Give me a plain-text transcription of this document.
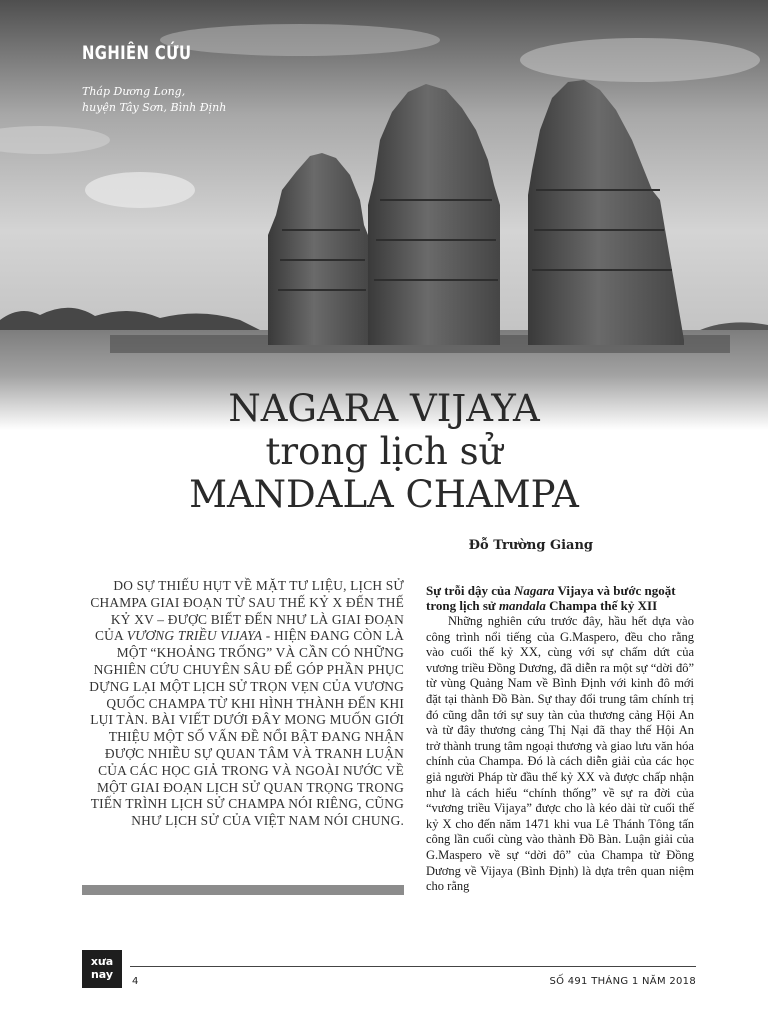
NGHIÊN CỨU
Tháp Dương Long,
huyện Tây Sơn, Bình Định
NAGARA VIJAYA
trong lịch sử
MANDALA CHAMPA
Đỗ Trường Giang
DO SỰ THIẾU HỤT VỀ MẶT TƯ LIỆU, LỊCH SỬ CHAMPA GIAI ĐOẠN TỪ SAU THẾ KỶ X ĐẾN THẾ KỶ XV – ĐƯỢC BIẾT ĐẾN NHƯ LÀ GIAI ĐOẠN CỦA VƯƠNG TRIỀU VIJAYA - HIỆN ĐANG CÒN LÀ MỘT “KHOẢNG TRỐNG” VÀ CẦN CÓ NHỮNG NGHIÊN CỨU CHUYÊN SÂU ĐỂ GÓP PHẦN PHỤC DỰNG LẠI MỘT LỊCH SỬ TRỌN VẸN CỦA VƯƠNG QUỐC CHAMPA TỪ KHI HÌNH THÀNH ĐẾN KHI LỤI TÀN. BÀI VIẾT DƯỚI ĐÂY MONG MUỐN GIỚI THIỆU MỘT SỐ VẤN ĐỀ NỔI BẬT ĐANG NHẬN ĐƯỢC NHIỀU SỰ QUAN TÂM VÀ TRANH LUẬN CỦA CÁC HỌC GIẢ TRONG VÀ NGOÀI NƯỚC VỀ MỘT GIAI ĐOẠN LỊCH SỬ QUAN TRỌNG TRONG TIẾN TRÌNH LỊCH SỬ CHAMPA NÓI RIÊNG, CŨNG NHƯ LỊCH SỬ CỦA VIỆT NAM NÓI CHUNG.

Sự trỗi dậy của Nagara Vijaya và bước ngoặt trong lịch sử mandala Champa thế kỷ XII

Những nghiên cứu trước đây, hầu hết dựa vào công trình nổi tiếng của G.Maspero, đều cho rằng vào cuối thế kỷ XX, cùng với sự chấm dứt của vương triều Đồng Dương, đã diễn ra một sự “dời đô” từ vùng Quảng Nam về Bình Định với kinh đô mới đặt tại thành Đồ Bàn. Sự thay đổi trung tâm chính trị đó cũng dẫn tới sự suy tàn của thương cảng Hội An và từ đây thương cảng Thị Nại đã thay thế Hội An trở thành trung tâm ngoại thương và giao lưu văn hóa chính của Champa. Đó là cách diễn giải của các học giả người Pháp từ đầu thế kỷ XX và được chấp nhận như là cách hiểu “chính thống” về sự ra đời của “vương triều Vijaya” được cho là kéo dài từ cuối thế kỷ X cho đến năm 1471 khi vua Lê Thánh Tông tấn công lần cuối cùng vào thành Đồ Bàn. Luận giải của G.Maspero về sự “dời đô” của Champa từ Đồng Dương về Vijaya (Bình Định) là dựa trên quan niệm cho rằng

xưa
nay
4	SỐ 491 THÁNG 1 NĂM 2018
